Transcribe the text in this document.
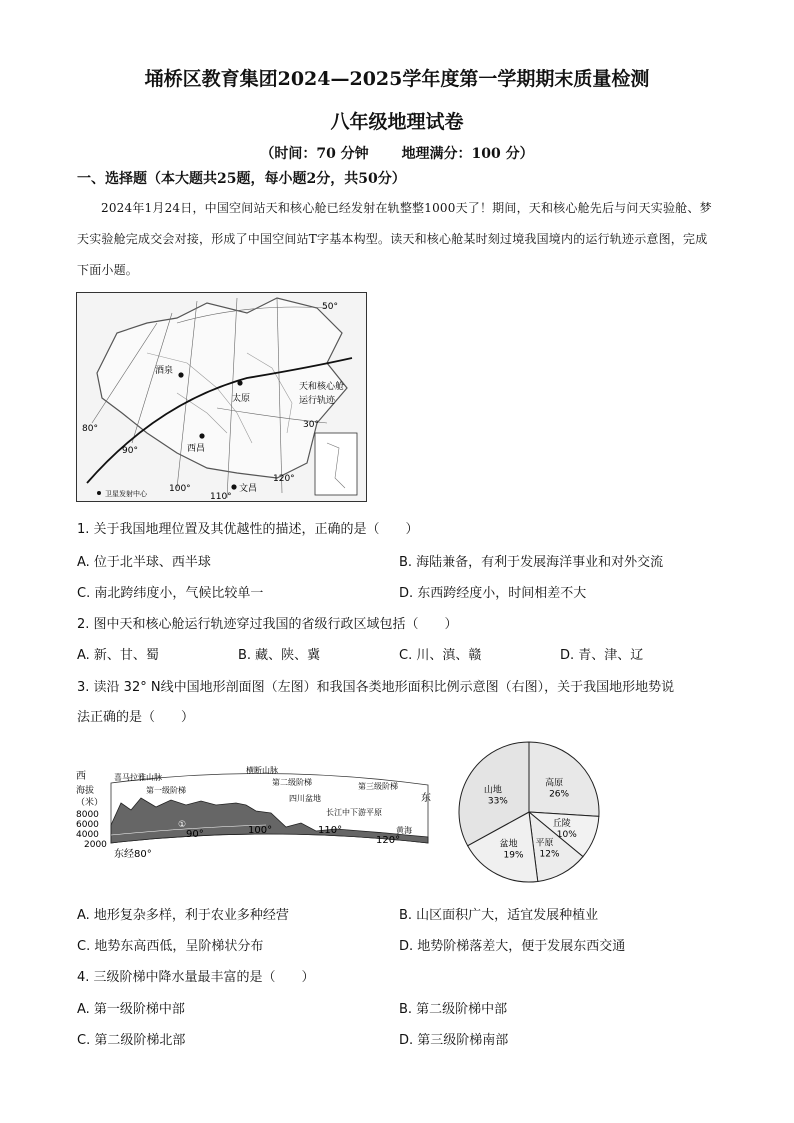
埇桥区教育集团2024—2025学年度第一学期期末质量检测
八年级地理试卷
（时间：70 分钟 地理满分：100 分）
一、选择题（本大题共25题，每小题2分，共50分）
2024年1月24日，中国空间站天和核心舱已经发射在轨整整1000天了！期间，天和核心舱先后与问天实验舱、梦天实验舱完成交会对接，形成了中国空间站T字基本构型。读天和核心舱某时刻过境我国境内的运行轨迹示意图，完成下面小题。
50°
酒泉
太原
天和核心舱
运行轨迹
西昌
80°
90°
100°
110°
120°
30°
文昌
卫星发射中心
1. 关于我国地理位置及其优越性的描述，正确的是（　　）
A. 位于北半球、西半球	B. 海陆兼备，有利于发展海洋事业和对外交流
C. 南北跨纬度小，气候比较单一	D. 东西跨经度小，时间相差不大
2. 图中天和核心舱运行轨迹穿过我国的省级行政区域包括（　　）
A. 新、甘、蜀	B. 藏、陕、冀	C. 川、滇、赣	D. 青、津、辽
3. 读沿 32° N线中国地形剖面图（左图）和我国各类地形面积比例示意图（右图），关于我国地形地势说
法正确的是（　　）
西
海拔
（米）
8000
6000
4000
2000
①
喜马拉雅山脉
第一级阶梯
横断山脉
第二级阶梯	第三级阶梯
四川盆地
长江中下游平原
黄海
东经80°
90°	100°	110°
120°
东
高原
26%
丘陵
10%
平原
12%
盆地
19%
山地
33%
A. 地形复杂多样，利于农业多种经营	B. 山区面积广大，适宜发展种植业
C. 地势东高西低，呈阶梯状分布	D. 地势阶梯落差大，便于发展东西交通
4. 三级阶梯中降水量最丰富的是（　　）
A. 第一级阶梯中部	B. 第二级阶梯中部
C. 第二级阶梯北部	D. 第三级阶梯南部
